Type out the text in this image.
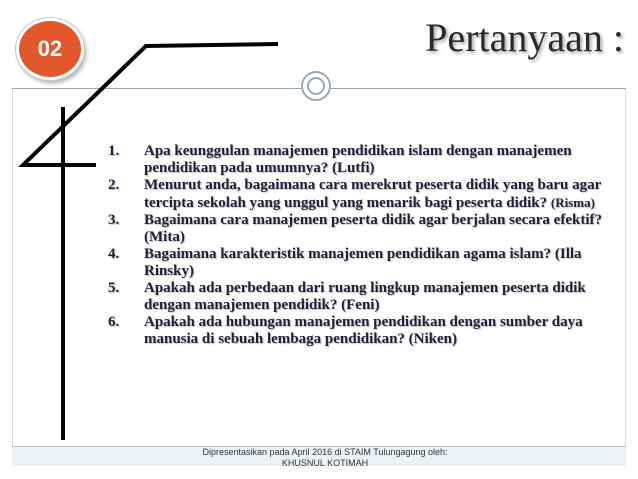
02	Pertanyaan :
1. Apa keunggulan manajemen pendidikan islam dengan manajemen pendidikan pada umumnya? (Lutfi)
2. Menurut anda, bagaimana cara merekrut peserta didik yang baru agar tercipta sekolah yang unggul yang menarik bagi peserta didik? (Risma)
3. Bagaimana cara manajemen peserta didik agar berjalan secara efektif? (Mita)
4. Bagaimana karakteristik manajemen pendidikan agama islam? (Illa Rinsky)
5. Apakah ada perbedaan dari ruang lingkup manajemen peserta didik dengan manajemen pendidik? (Feni)
6. Apakah ada hubungan manajemen pendidikan dengan sumber daya manusia di sebuah lembaga pendidikan? (Niken)
Dipresentasikan pada April 2016 di STAIM Tulungagung oleh:
KHUSNUL KOTIMAH
